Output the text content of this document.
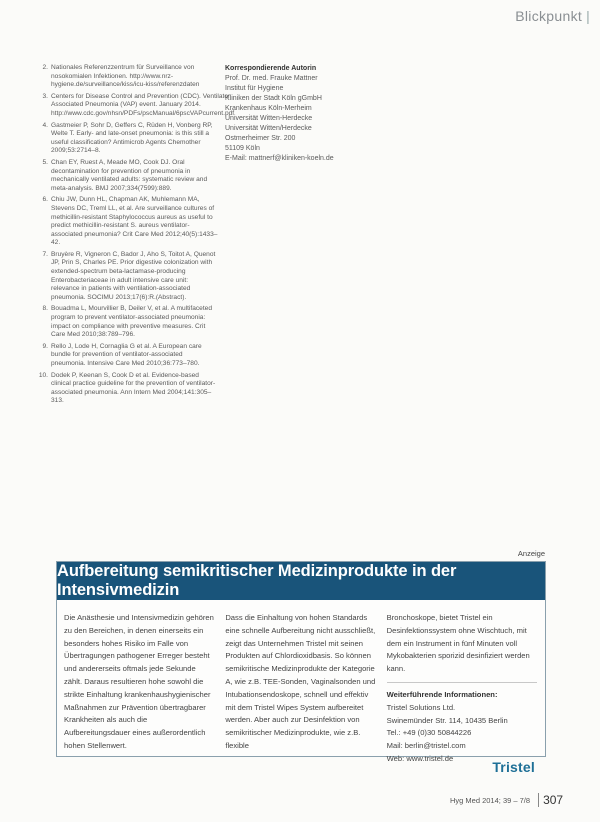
Blickpunkt |
2. Nationales Referenzzentrum für Surveillance von nosokomialen Infektionen. http://www.nrz-hygiene.de/surveillance/kiss/icu-kiss/referenzdaten
3. Centers for Disease Control and Prevention (CDC). Ventilator Associated Pneumonia (VAP) event. January 2014. http://www.cdc.gov/nhsn/PDFs/pscManual/6pscVAPcurrent.pdf
4. Gastmeier P, Sohr D, Geffers C, Rüden H, Vonberg RP, Welte T. Early- and late-onset pneumonia: is this still a useful classification? Antimicrob Agents Chemother 2009;53:2714–8.
5. Chan EY, Ruest A, Meade MO, Cook DJ. Oral decontamination for prevention of pneumonia in mechanically ventilated adults: systematic review and meta-analysis. BMJ 2007;334(7599):889.
6. Chiu JW, Dunn HL, Chapman AK, Muhlemann MA, Stevens DC, Treml LL, et al. Are surveillance cultures of methicillin-resistant Staphylococcus aureus as useful to predict methicillin-resistant S. aureus ventilator-associated pneumonia? Crit Care Med 2012;40(5):1433–42.
7. Bruyère R, Vigneron C, Bador J, Aho S, Toitot A, Quenot JP, Prin S, Charles PE. Prior digestive colonization with extended-spectrum beta-lactamase-producing Enterobacteriaceae in adult intensive care unit: relevance in patients with ventilation-associated pneumonia. SOCIMU 2013;17(6):R.(Abstract).
8. Bouadma L, Mourvillier B, Deiler V, et al. A multifaceted program to prevent ventilator-associated pneumonia: impact on compliance with preventive measures. Crit Care Med 2010;38:789–796.
9. Rello J, Lode H, Cornaglia G et al. A European care bundle for prevention of ventilator-associated pneumonia. Intensive Care Med 2010;36:773–780.
10. Dodek P, Keenan S, Cook D et al. Evidence-based clinical practice guideline for the prevention of ventilator-associated pneumonia. Ann Intern Med 2004;141:305–313.
Korrespondierende Autorin
Prof. Dr. med. Frauke Mattner
Institut für Hygiene
Kliniken der Stadt Köln gGmbH
Krankenhaus Köln-Merheim
Universität Witten-Herdecke
Universität Witten/Herdecke
Ostmerheimer Str. 200
51109 Köln
E-Mail: mattnerf@kliniken-koeln.de
Anzeige
Aufbereitung semikritischer Medizinprodukte in der Intensivmedizin
Die Anästhesie und Intensivmedizin gehören zu den Bereichen, in denen einerseits ein besonders hohes Risiko im Falle von Übertragungen pathogener Erreger besteht und andererseits oftmals jede Sekunde zählt. Daraus resultieren hohe sowohl die strikte Einhaltung krankenhaushygienischer Maßnahmen zur Prävention übertragbarer Krankheiten als auch die Aufbereitungsdauer eines außerordentlich hohen Stellenwert.
Dass die Einhaltung von hohen Standards eine schnelle Aufbereitung nicht ausschließt, zeigt das Unternehmen Tristel mit seinen Produkten auf Chlordioxidbasis. So können semikritische Medizinprodukte der Kategorie A, wie z.B. TEE-Sonden, Vaginalsonden und Intubationsendoskope, schnell und effektiv mit dem Tristel Wipes System aufbereitet werden. Aber auch zur Desinfektion von semikritischer Medizinprodukte, wie z.B. flexible
Bronchoskope, bietet Tristel ein Desinfektionssystem ohne Wischtuch, mit dem ein Instrument in fünf Minuten voll Mykobakterien sporizid desinfiziert werden kann.
Weiterführende Informationen:
Tristel Solutions Ltd.
Swinemünder Str. 114, 10435 Berlin
Tel.: +49 (0)30 50844226
Mail: berlin@tristel.com
Web: www.tristel.de
Tristel
Hyg Med 2014; 39 – 7/8	307
